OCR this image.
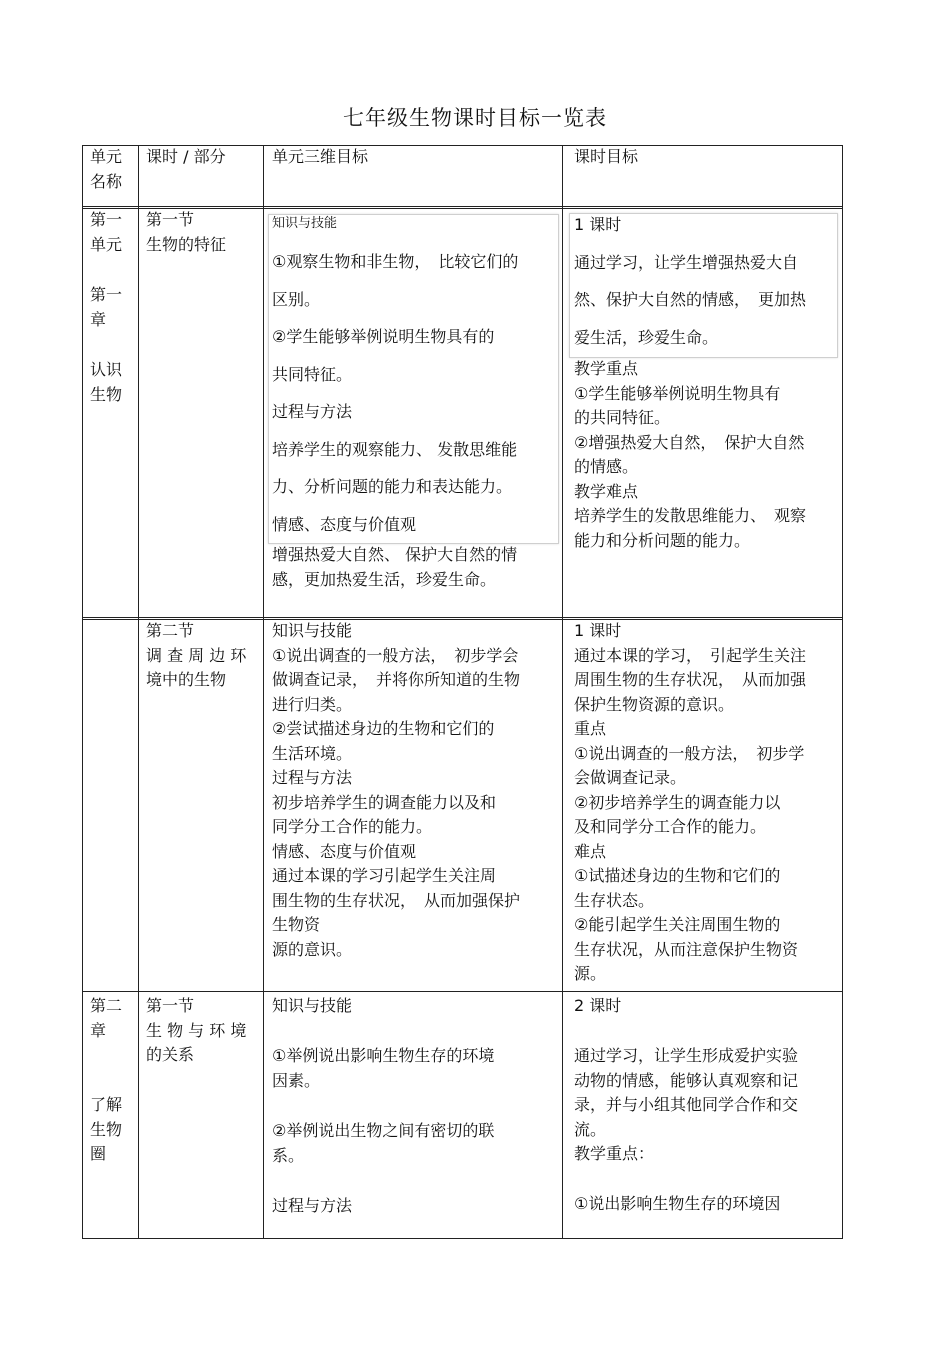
七年级生物课时目标一览表
单元
名称
课时 / 部分	单元三维目标	课时目标
第一
单元
第一
章
认识
生物
第一节
生物的特征
知识与技能
①观察生物和非生物，　比较它们的
区别。
②学生能够举例说明生物具有的
共同特征。
过程与方法
培养学生的观察能力、 发散思维能
力、分析问题的能力和表达能力。
情感、态度与价值观
增强热爱大自然、 保护大自然的情
感，更加热爱生活，珍爱生命。
1 课时
通过学习，让学生增强热爱大自
然、保护大自然的情感，　更加热
爱生活，珍爱生命。
教学重点
①学生能够举例说明生物具有
的共同特征。
②增强热爱大自然，　保护大自然
的情感。
教学难点
培养学生的发散思维能力、　观察
能力和分析问题的能力。
第二节
调 查 周 边 环
境中的生物
知识与技能
①说出调查的一般方法，　初步学会
做调查记录，　并将你所知道的生物
进行归类。
②尝试描述身边的生物和它们的
生活环境。
过程与方法
初步培养学生的调查能力以及和
同学分工合作的能力。
情感、态度与价值观
通过本课的学习引起学生关注周
围生物的生存状况，　从而加强保护
生物资
源的意识。
1 课时
通过本课的学习，　引起学生关注
周围生物的生存状况，　从而加强
保护生物资源的意识。
重点
①说出调查的一般方法，　初步学
会做调查记录。
②初步培养学生的调查能力以
及和同学分工合作的能力。
难点
①试描述身边的生物和它们的
生存状态。
②能引起学生关注周围生物的
生存状况，从而注意保护生物资
源。
第二
章
了解
生物
圈
第一节
生 物 与 环 境
的关系
知识与技能
①举例说出影响生物生存的环境
因素。
②举例说出生物之间有密切的联
系。
过程与方法
2 课时
通过学习，让学生形成爱护实验
动物的情感，能够认真观察和记
录，并与小组其他同学合作和交
流。
教学重点：
①说出影响生物生存的环境因
